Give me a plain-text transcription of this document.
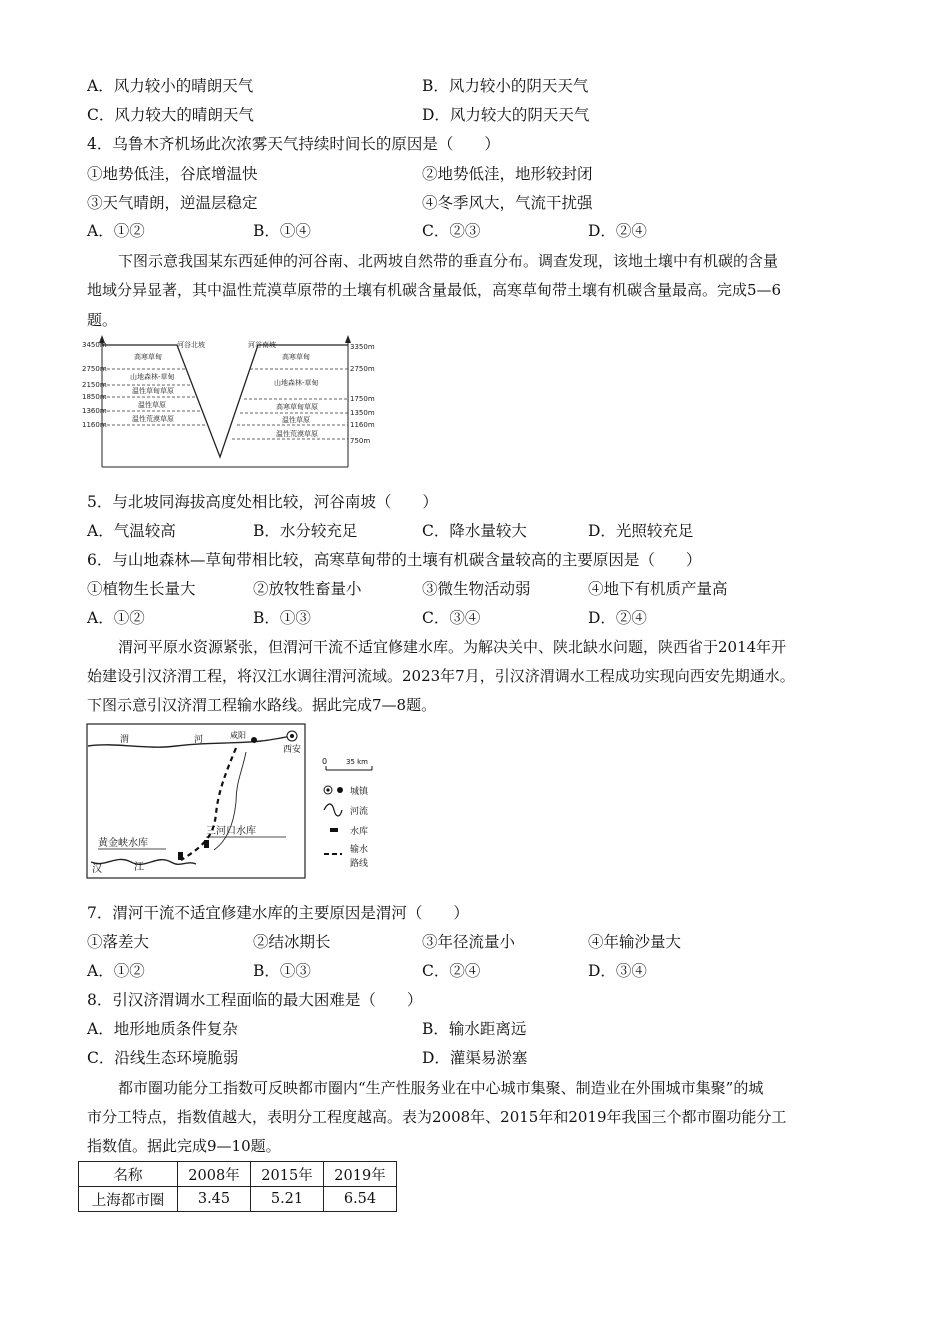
A．风力较小的晴朗天气	B．风力较小的阴天天气
C．风力较大的晴朗天气	D．风力较大的阴天天气
4．乌鲁木齐机场此次浓雾天气持续时间长的原因是（　　）
①地势低洼，谷底增温快	②地势低洼，地形较封闭
③天气晴朗，逆温层稳定	④冬季风大，气流干扰强
A．①②	B．①④	C．②③	D．②④
下图示意我国某东西延伸的河谷南、北两坡自然带的垂直分布。调查发现，该地土壤中有机碳的含量
地域分异显著，其中温性荒漠草原带的土壤有机碳含量最低，高寒草甸带土壤有机碳含量最高。完成5—6
题。
河谷北坡	河谷南坡
3450m
2750m
2150m
1850m
1360m
1160m
3350m
2750m
1750m
1350m
1160m
750m
高寒草甸
山地森林-草甸
温性草甸草原
温性草原
温性荒漠草原
高寒草甸
山地森林-草甸
高寒草甸草原
温性草原
温性荒漠草原
5．与北坡同海拔高度处相比较，河谷南坡（　　）
A．气温较高	B．水分较充足	C．降水量较大	D．光照较充足
6．与山地森林—草甸带相比较，高寒草甸带的土壤有机碳含量较高的主要原因是（　　）
①植物生长量大	②放牧牲畜量小	③微生物活动弱	④地下有机质产量高
A．①②	B．①③	C．③④	D．②④
渭河平原水资源紧张，但渭河干流不适宜修建水库。为解决关中、陕北缺水问题，陕西省于2014年开
始建设引汉济渭工程，将汉江水调往渭河流域。2023年7月，引汉济渭调水工程成功实现向西安先期通水。
下图示意引汉济渭工程输水路线。据此完成7—8题。
渭	河	咸阳
西安
汉	江
黄金峡水库
三河口水库
0	35 km
城镇
河流
水库
输水
路线
7．渭河干流不适宜修建水库的主要原因是渭河（　　）
①落差大	②结冰期长	③年径流量小	④年输沙量大
A．①②	B．①③	C．②④	D．③④
8．引汉济渭调水工程面临的最大困难是（　　）
A．地形地质条件复杂	B．输水距离远
C．沿线生态环境脆弱	D．灌渠易淤塞
都市圈功能分工指数可反映都市圈内“生产性服务业在中心城市集聚、制造业在外围城市集聚”的城
市分工特点，指数值越大，表明分工程度越高。表为2008年、2015年和2019年我国三个都市圈功能分工
指数值。据此完成9—10题。
名称	2008年	2015年	2019年
上海都市圈	3.45	5.21	6.54
